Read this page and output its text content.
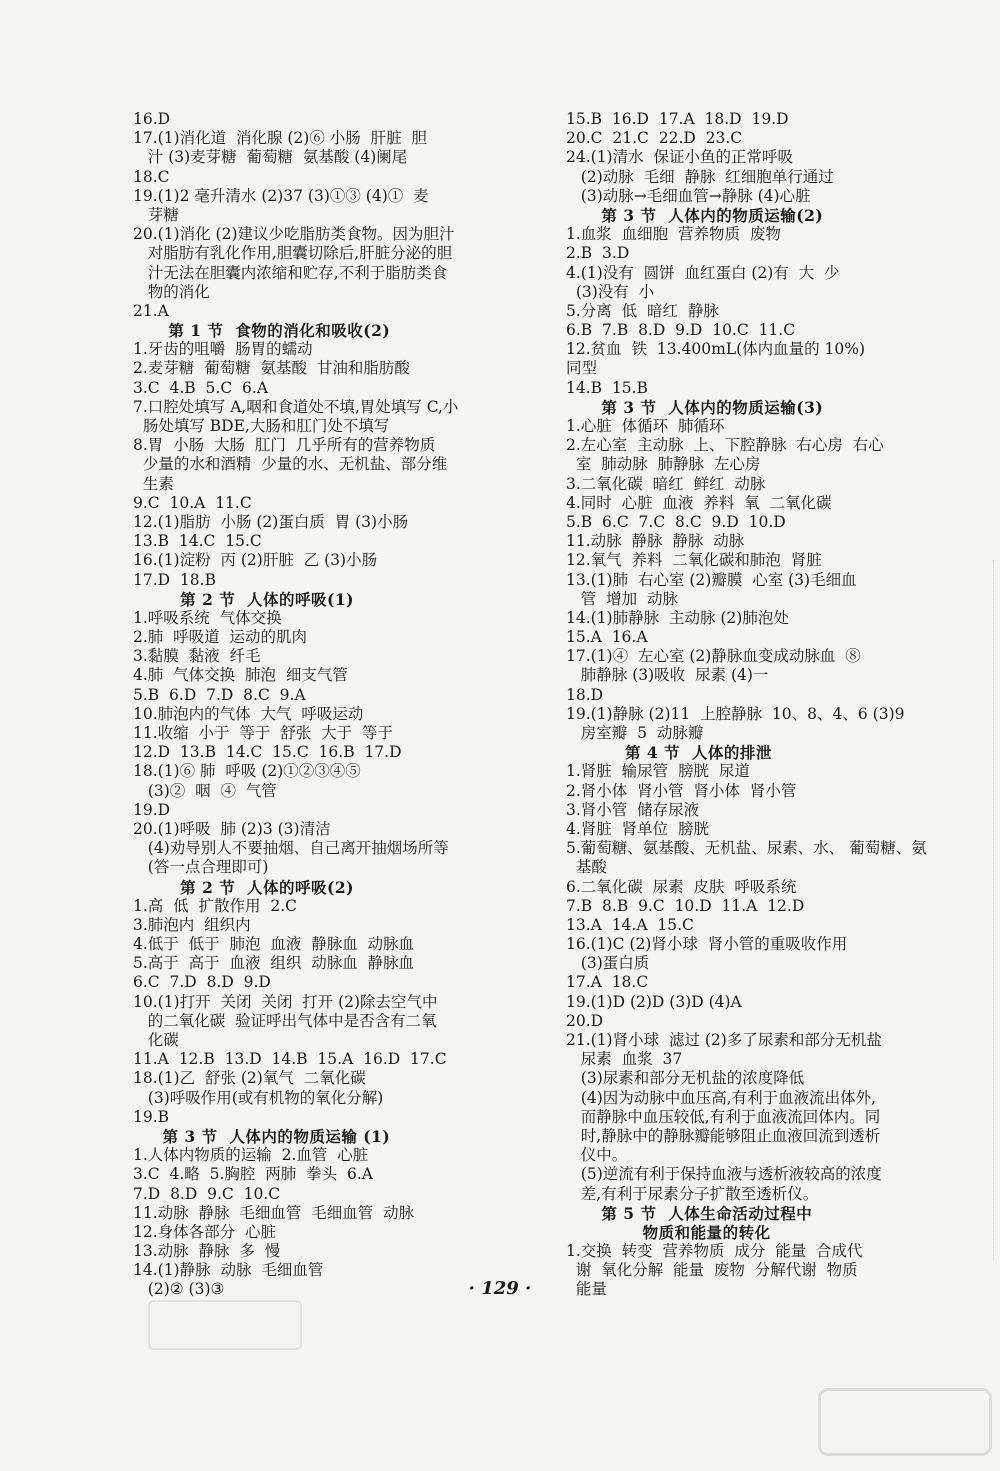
16.D
17.(1)消化道  消化腺 (2)⑥ 小肠  肝脏  胆
汁 (3)麦芽糖  葡萄糖  氨基酸 (4)阑尾
18.C
19.(1)2 毫升清水 (2)37 (3)①③ (4)①  麦
芽糖
20.(1)消化 (2)建议少吃脂肪类食物。因为胆汁
对脂肪有乳化作用,胆囊切除后,肝脏分泌的胆
汁无法在胆囊内浓缩和贮存,不利于脂肪类食
物的消化
21.A
第 1 节  食物的消化和吸收(2)
1.牙齿的咀嚼  肠胃的蠕动
2.麦芽糖  葡萄糖  氨基酸  甘油和脂肪酸
3.C  4.B  5.C  6.A
7.口腔处填写 A,咽和食道处不填,胃处填写 C,小
肠处填写 BDE,大肠和肛门处不填写
8.胃  小肠  大肠  肛门  几乎所有的营养物质
少量的水和酒精  少量的水、无机盐、部分维
生素
9.C  10.A  11.C
12.(1)脂肪  小肠 (2)蛋白质  胃 (3)小肠
13.B  14.C  15.C
16.(1)淀粉  丙 (2)肝脏  乙 (3)小肠
17.D  18.B
第 2 节  人体的呼吸(1)
1.呼吸系统  气体交换
2.肺  呼吸道  运动的肌肉
3.黏膜  黏液  纤毛
4.肺  气体交换  肺泡  细支气管
5.B  6.D  7.D  8.C  9.A
10.肺泡内的气体  大气  呼吸运动
11.收缩  小于  等于  舒张  大于  等于
12.D  13.B  14.C  15.C  16.B  17.D
18.(1)⑥ 肺  呼吸 (2)①②③④⑤
(3)②  咽  ④  气管
19.D
20.(1)呼吸  肺 (2)3 (3)清洁
(4)劝导别人不要抽烟、自己离开抽烟场所等
(答一点合理即可)
第 2 节  人体的呼吸(2)
1.高  低  扩散作用  2.C
3.肺泡内  组织内
4.低于  低于  肺泡  血液  静脉血  动脉血
5.高于  高于  血液  组织  动脉血  静脉血
6.C  7.D  8.D  9.D
10.(1)打开  关闭  关闭  打开 (2)除去空气中
的二氧化碳  验证呼出气体中是否含有二氧
化碳
11.A  12.B  13.D  14.B  15.A  16.D  17.C
18.(1)乙  舒张 (2)氧气  二氧化碳
(3)呼吸作用(或有机物的氧化分解)
19.B
第 3 节  人体内的物质运输 (1)
1.人体内物质的运输  2.血管  心脏
3.C  4.略  5.胸腔  两肺  拳头  6.A
7.D  8.D  9.C  10.C
11.动脉  静脉  毛细血管  毛细血管  动脉
12.身体各部分  心脏
13.动脉  静脉  多  慢
14.(1)静脉  动脉  毛细血管
(2)② (3)③
15.B  16.D  17.A  18.D  19.D
20.C  21.C  22.D  23.C
24.(1)清水  保证小鱼的正常呼吸
(2)动脉  毛细  静脉  红细胞单行通过
(3)动脉→毛细血管→静脉 (4)心脏
第 3 节  人体内的物质运输(2)
1.血浆  血细胞  营养物质  废物
2.B  3.D
4.(1)没有  圆饼  血红蛋白 (2)有  大  少
(3)没有  小
5.分离  低  暗红  静脉
6.B  7.B  8.D  9.D  10.C  11.C
12.贫血  铁  13.400mL(体内血量的 10%)
同型
14.B  15.B
第 3 节  人体内的物质运输(3)
1.心脏  体循环  肺循环
2.左心室  主动脉  上、下腔静脉  右心房  右心
室  肺动脉  肺静脉  左心房
3.二氧化碳  暗红  鲜红  动脉
4.同时  心脏  血液  养料  氧  二氧化碳
5.B  6.C  7.C  8.C  9.D  10.D
11.动脉  静脉  静脉  动脉
12.氧气  养料  二氧化碳和肺泡  肾脏
13.(1)肺  右心室 (2)瓣膜  心室 (3)毛细血
管  增加  动脉
14.(1)肺静脉  主动脉 (2)肺泡处
15.A  16.A
17.(1)④  左心室 (2)静脉血变成动脉血  ⑧
肺静脉 (3)吸收  尿素 (4)一
18.D
19.(1)静脉 (2)11  上腔静脉  10、8、4、6 (3)9
房室瓣  5  动脉瓣
第 4 节  人体的排泄
1.肾脏  输尿管  膀胱  尿道
2.肾小体  肾小管  肾小体  肾小管
3.肾小管  储存尿液
4.肾脏  肾单位  膀胱
5.葡萄糖、氨基酸、无机盐、尿素、水、 葡萄糖、氨
基酸
6.二氧化碳  尿素  皮肤  呼吸系统
7.B  8.B  9.C  10.D  11.A  12.D
13.A  14.A  15.C
16.(1)C (2)肾小球  肾小管的重吸收作用
(3)蛋白质
17.A  18.C
19.(1)D (2)D (3)D (4)A
20.D
21.(1)肾小球  滤过 (2)多了尿素和部分无机盐
尿素  血浆  37
(3)尿素和部分无机盐的浓度降低
(4)因为动脉中血压高,有利于血液流出体外,
而静脉中血压较低,有利于血液流回体内。同
时,静脉中的静脉瓣能够阻止血液回流到透析
仪中。
(5)逆流有利于保持血液与透析液较高的浓度
差,有利于尿素分子扩散至透析仪。
第 5 节  人体生命活动过程中
物质和能量的转化
1.交换  转变  营养物质  成分  能量  合成代
谢  氧化分解  能量  废物  分解代谢  物质
能量
· 129 ·
